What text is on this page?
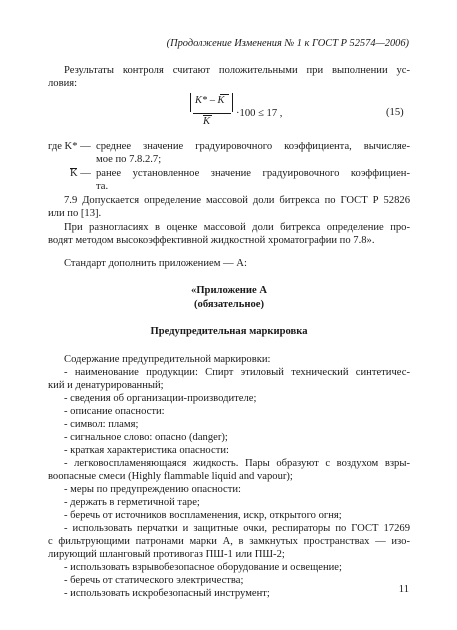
(Продолжение Изменения № 1 к ГОСТ Р 52574—2006)
Результаты контроля считают положительными при выполнении ус-
ловия:
K* – K
K
·100 ≤ 17 ,	(15)
где K* — среднее значение градуировочного коэффициента, вычисляе-
мое по 7.8.2.7;
K — ранее установленное значение градуировочного коэффициен-
та.
7.9 Допускается определение массовой доли битрекса по ГОСТ Р 52826
или по [13].
При разногласиях в оценке массовой доли битрекса определение про-
водят методом высокоэффективной жидкостной хроматографии по 7.8».
Стандарт дополнить приложением — А:
«Приложение А
(обязательное)
Предупредительная маркировка
Содержание предупредительной маркировки:
- наименование продукции: Спирт этиловый технический синтетичес-
кий и денатурированный;
- сведения об организации-производителе;
- описание опасности:
- символ: пламя;
- сигнальное слово: опасно (danger);
- краткая характеристика опасности:
- легковоспламеняющаяся жидкость. Пары образуют с воздухом взры-
воопасные смеси (Highly flammable liquid and vapour);
- меры по предупреждению опасности:
- держать в герметичной таре;
- беречь от источников воспламенения, искр, открытого огня;
- использовать перчатки и защитные очки, респираторы по ГОСТ 17269
с фильтрующими патронами марки А, в замкнутых пространствах — изо-
лирующий шланговый противогаз ПШ-1 или ПШ-2;
- использовать взрывобезопасное оборудование и освещение;
- беречь от статического электричества;
- использовать искробезопасный инструмент;	11
